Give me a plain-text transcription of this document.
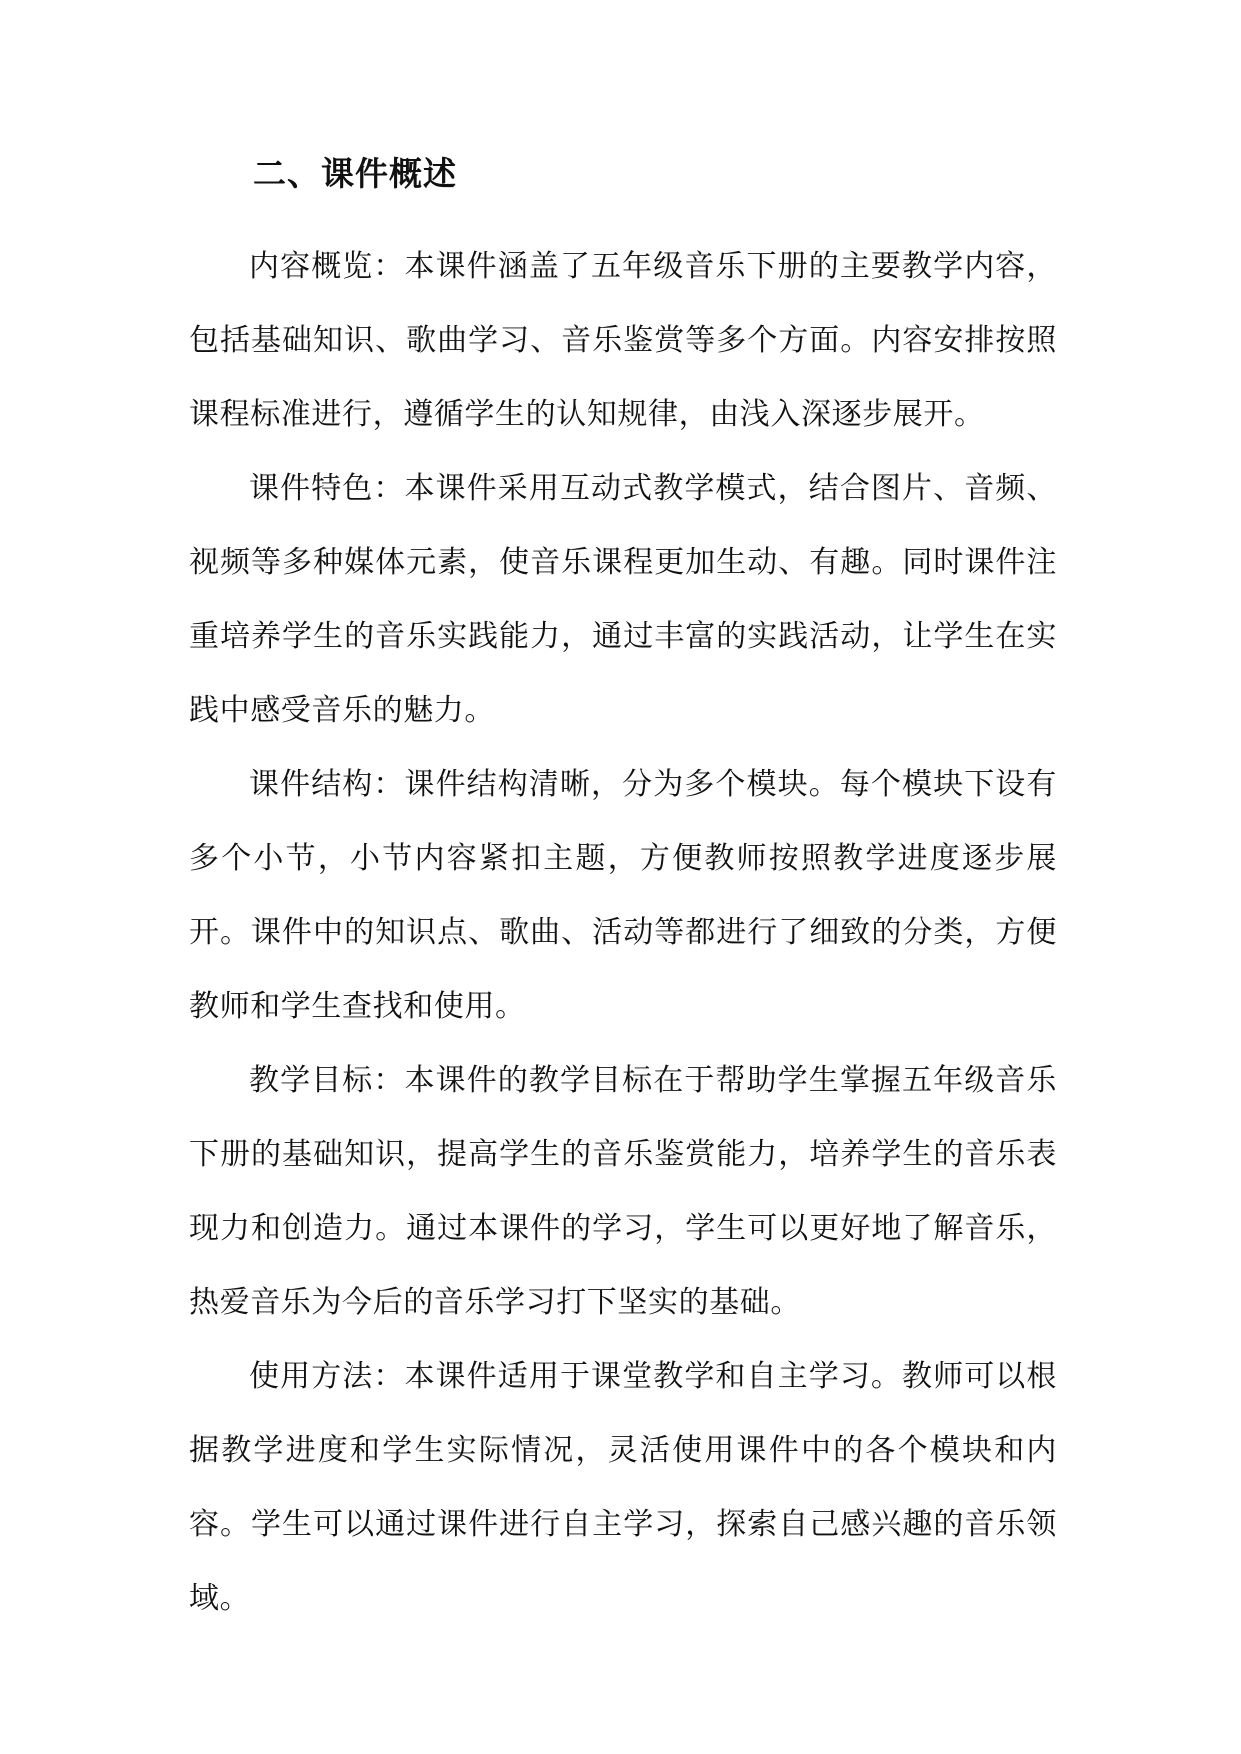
二、课件概述

内容概览：本课件涵盖了五年级音乐下册的主要教学内容，包括基础知识、歌曲学习、音乐鉴赏等多个方面。内容安排按照课程标准进行，遵循学生的认知规律，由浅入深逐步展开。

课件特色：本课件采用互动式教学模式，结合图片、音频、视频等多种媒体元素，使音乐课程更加生动、有趣。同时课件注重培养学生的音乐实践能力，通过丰富的实践活动，让学生在实践中感受音乐的魅力。

课件结构：课件结构清晰，分为多个模块。每个模块下设有多个小节，小节内容紧扣主题，方便教师按照教学进度逐步展开。课件中的知识点、歌曲、活动等都进行了细致的分类，方便教师和学生查找和使用。

教学目标：本课件的教学目标在于帮助学生掌握五年级音乐下册的基础知识，提高学生的音乐鉴赏能力，培养学生的音乐表现力和创造力。通过本课件的学习，学生可以更好地了解音乐，热爱音乐为今后的音乐学习打下坚实的基础。

使用方法：本课件适用于课堂教学和自主学习。教师可以根据教学进度和学生实际情况，灵活使用课件中的各个模块和内容。学生可以通过课件进行自主学习，探索自己感兴趣的音乐领域。
